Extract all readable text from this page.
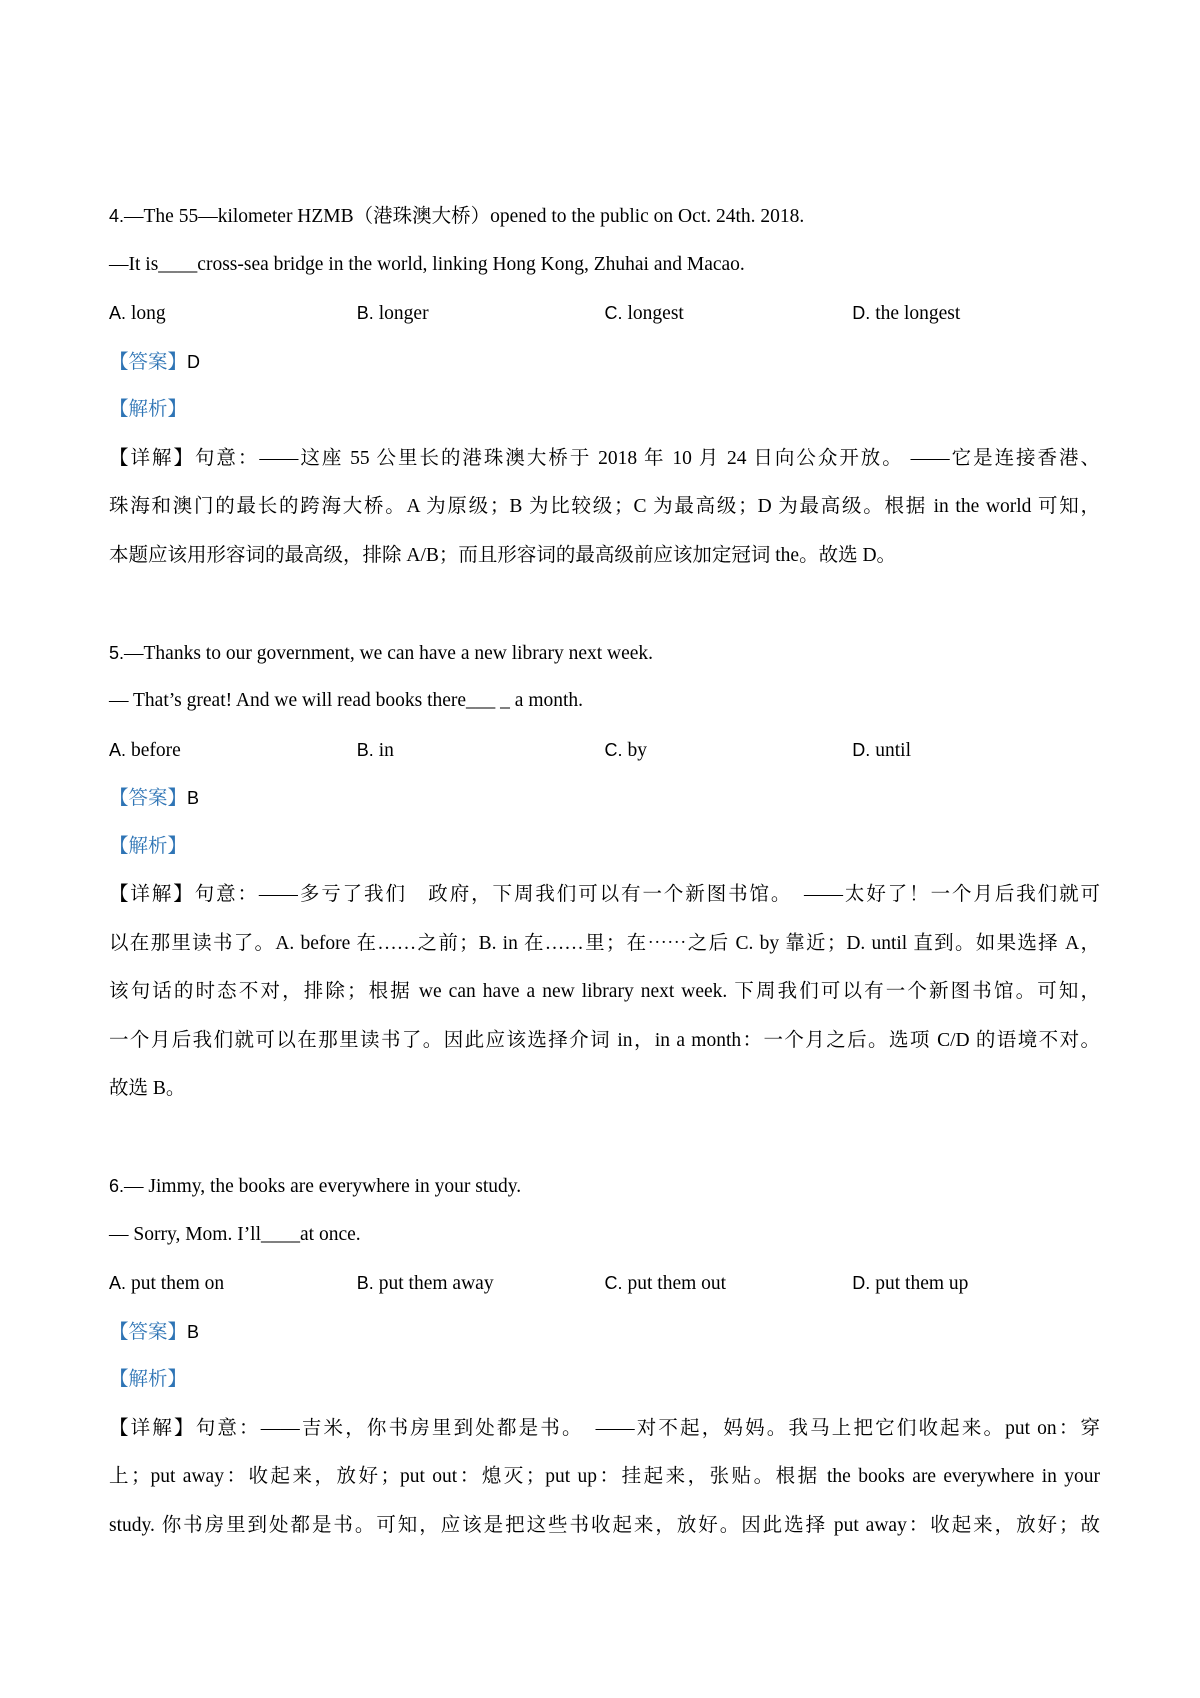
4.—The 55—kilometer HZMB（港珠澳大桥）opened to the public on Oct. 24th. 2018.
—It is____cross-sea bridge in the world, linking Hong Kong, Zhuhai and Macao.
A. long	B. longer	C. longest	D. the longest
【答案】D
【解析】
【详解】句意：——这座 55 公里长的港珠澳大桥于 2018 年 10 月 24 日向公众开放。 ——它是连接香港、
珠海和澳门的最长的跨海大桥。A 为原级；B 为比较级；C 为最高级；D 为最高级。根据 in the world 可知，
本题应该用形容词的最高级，排除 A/B；而且形容词的最高级前应该加定冠词 the。故选 D。
5.—Thanks to our government, we can have a new library next week.
— That’s great! And we will read books there___ _ a month.
A. before	B. in	C. by	D. until
【答案】B
【解析】
【详解】句意：——多亏了我们　政府，下周我们可以有一个新图书馆。　——太好了！一个月后我们就可
以在那里读书了。A. before 在……之前；B. in 在……里；在⋯⋯之后 C. by 靠近；D. until 直到。如果选择 A，
该句话的时态不对，排除；根据 we can have a new library next week. 下周我们可以有一个新图书馆。可知，
一个月后我们就可以在那里读书了。因此应该选择介词 in，in a month：一个月之后。选项 C/D 的语境不对。
故选 B。
6.— Jimmy, the books are everywhere in your study.
— Sorry, Mom. I’ll____at once.
A. put them on	B. put them away	C. put them out	D. put them up
【答案】B
【解析】
【详解】句意：——吉米，你书房里到处都是书。　——对不起，妈妈。我马上把它们收起来。put on：穿
上；put away：收起来，放好；put out：熄灭；put up：挂起来，张贴。根据 the books are everywhere in your
study. 你书房里到处都是书。可知，应该是把这些书收起来，放好。因此选择 put away：收起来，放好；故
